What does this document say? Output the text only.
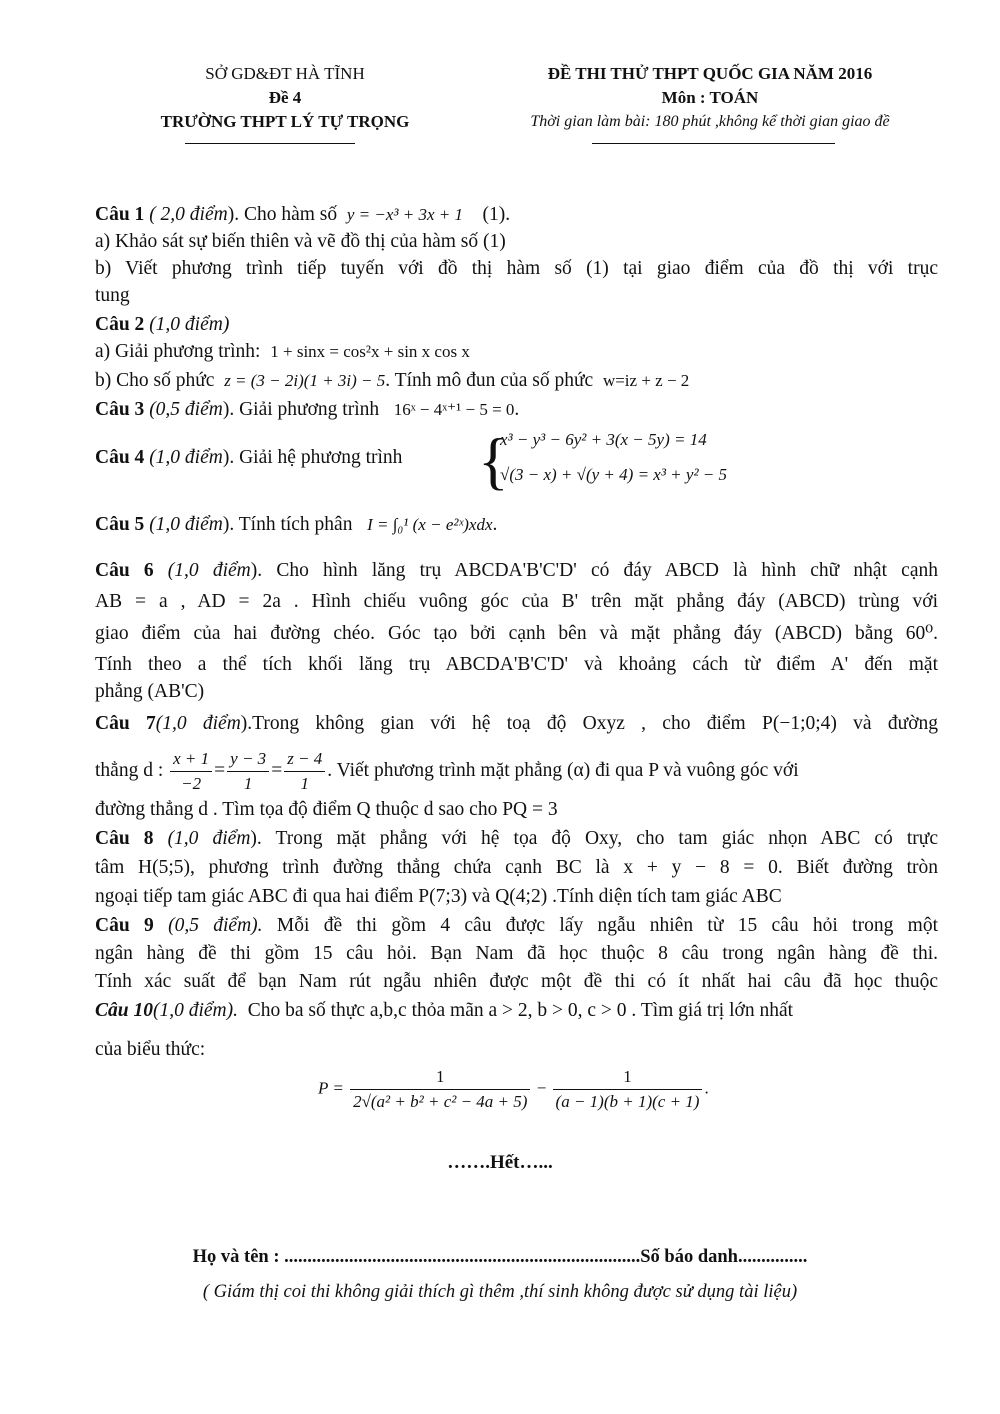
SỞ GD&ĐT HÀ TĨNH
Đề 4
TRƯỜNG THPT LÝ TỰ TRỌNG
ĐỀ THI THỬ THPT QUỐC GIA NĂM 2016
Môn : TOÁN
Thời gian làm bài: 180 phút ,không kể thời gian giao đề
Câu 1 ( 2,0 điểm). Cho hàm số y = −x³ + 3x + 1 (1).
a) Khảo sát sự biến thiên và vẽ đồ thị của hàm số (1)
b) Viết phương trình tiếp tuyến với đồ thị hàm số (1) tại giao điểm của đồ thị với trục
tung
Câu 2 (1,0 điểm)
a) Giải phương trình: 1 + sinx = cos²x + sin x cos x
b) Cho số phức z = (3 − 2i)(1 + 3i) − 5. Tính mô đun của số phức w=iz + z − 2
Câu 3 (0,5 điểm). Giải phương trình 16ˣ − 4ˣ⁺¹ − 5 = 0.
Câu 4 (1,0 điểm). Giải hệ phương trình {
x³ − y³ − 6y² + 3(x − 5y) = 14
√(3 − x) + √(y + 4) = x³ + y² − 5
Câu 5 (1,0 điểm). Tính tích phân I = ∫₀¹ (x − e²ˣ)xdx.
Câu 6 (1,0 điểm). Cho hình lăng trụ ABCDA'B'C'D' có đáy ABCD là hình chữ nhật cạnh
AB = a , AD = 2a . Hình chiếu vuông góc của B' trên mặt phẳng đáy (ABCD) trùng với
giao điểm của hai đường chéo. Góc tạo bởi cạnh bên và mặt phẳng đáy (ABCD) bằng 60⁰.
Tính theo a thể tích khối lăng trụ ABCDA'B'C'D' và khoảng cách từ điểm A' đến mặt
phẳng (AB'C)
Câu 7(1,0 điểm).Trong không gian với hệ toạ độ Oxyz , cho điểm P(−1;0;4) và đường
thẳng d : $\frac{x + 1}{-2} = \frac{y - 3}{1} = \frac{z - 4}{1}$ . Viết phương trình mặt phẳng (α) đi qua P và vuông góc với
đường thẳng d . Tìm tọa độ điểm Q thuộc d sao cho PQ = 3
Câu 8 (1,0 điểm). Trong mặt phẳng với hệ tọa độ Oxy, cho tam giác nhọn ABC có trực
tâm H(5;5), phương trình đường thẳng chứa cạnh BC là x + y − 8 = 0. Biết đường tròn
ngoại tiếp tam giác ABC đi qua hai điểm P(7;3) và Q(4;2) .Tính diện tích tam giác ABC
Câu 9 (0,5 điểm). Mỗi đề thi gồm 4 câu được lấy ngẫu nhiên từ 15 câu hỏi trong một
ngân hàng đề thi gồm 15 câu hỏi. Bạn Nam đã học thuộc 8 câu trong ngân hàng đề thi.
Tính xác suất để bạn Nam rút ngẫu nhiên được một đề thi có ít nhất hai câu đã học thuộc
Câu 10(1,0 điểm). Cho ba số thực a,b,c thỏa mãn a > 2, b > 0, c > 0 . Tìm giá trị lớn nhất
của biểu thức:
$P = \frac{1}{\text{2√(a² + b² + c² − 4a + 5)}} - \frac{1}{(a - 1)(b + 1)(c + 1)}$ .
…….Hết…...
Họ và tên : .............................................................................Số báo danh...............
( Giám thị coi thi không giải thích gì thêm ,thí sinh không được sử dụng tài liệu)
